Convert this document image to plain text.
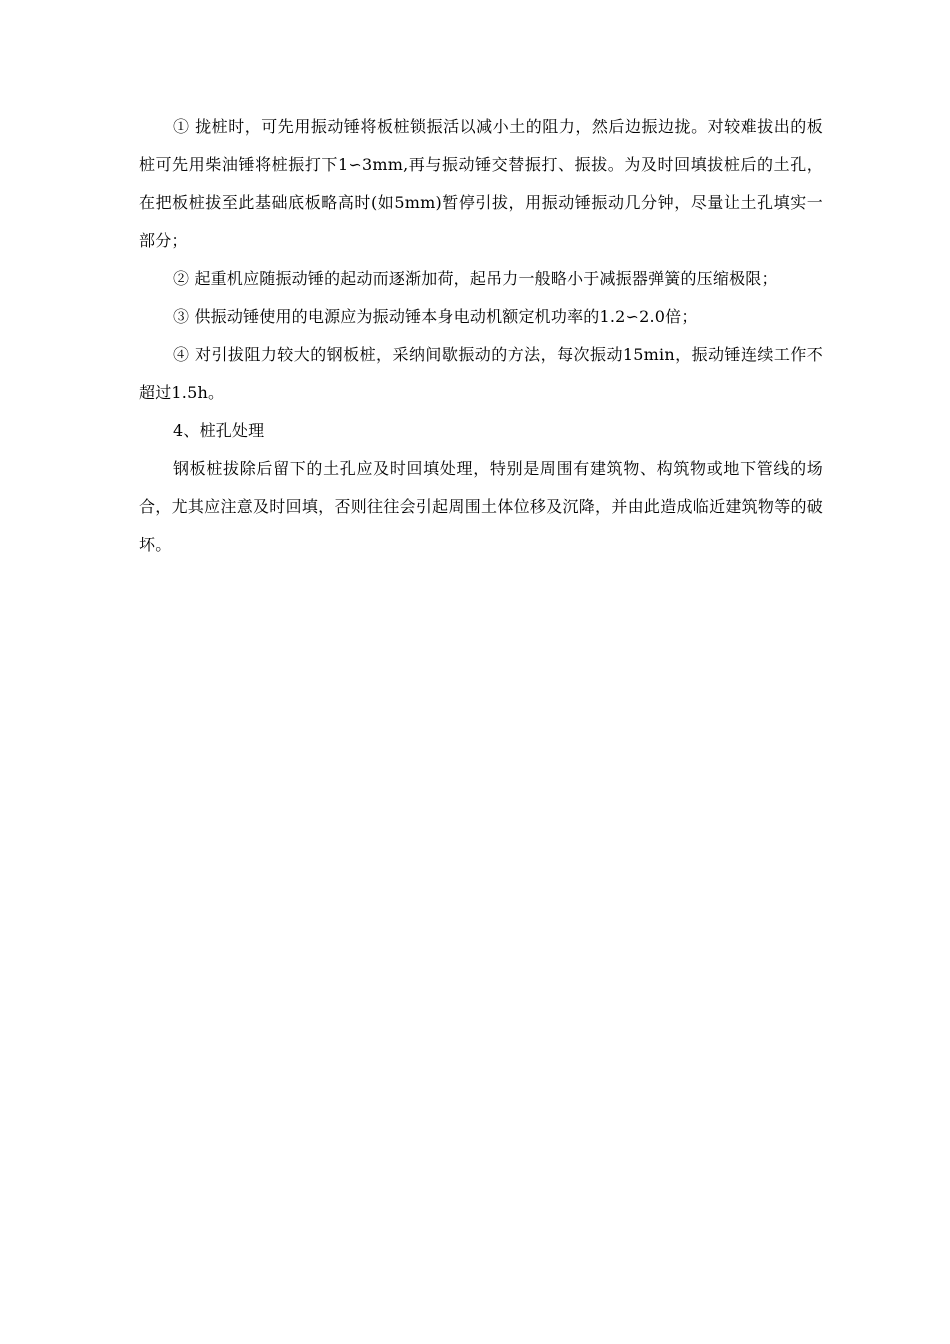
① 拢桩时，可先用振动锤将板桩锁振活以减小土的阻力，然后边振边拢。对较难拔出的板桩可先用柴油锤将桩振打下1∽3mm,再与振动锤交替振打、振拔。为及时回填拔桩后的土孔，在把板桩拔至此基础底板略高时(如5mm)暂停引拔，用振动锤振动几分钟，尽量让土孔填实一部分；

② 起重机应随振动锤的起动而逐渐加荷，起吊力一般略小于减振器弹簧的压缩极限；

③ 供振动锤使用的电源应为振动锤本身电动机额定机功率的1.2∽2.0倍；

④ 对引拔阻力较大的钢板桩，采纳间歇振动的方法，每次振动15min，振动锤连续工作不超过1.5h。

4、桩孔处理

钢板桩拔除后留下的土孔应及时回填处理，特别是周围有建筑物、构筑物或地下管线的场合，尤其应注意及时回填，否则往往会引起周围土体位移及沉降，并由此造成临近建筑物等的破坏。
